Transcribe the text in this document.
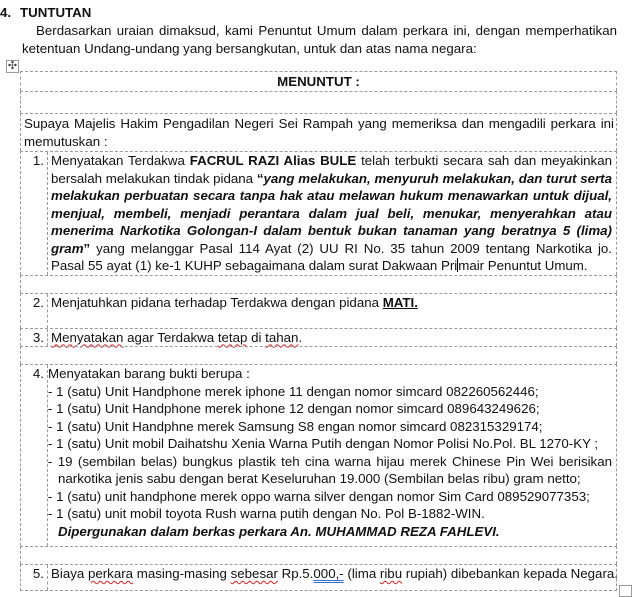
4. TUNTUTAN
Berdasarkan uraian dimaksud, kami Penuntut Umum dalam perkara ini, dengan memperhatikan ketentuan Undang-undang yang bersangkutan, untuk dan atas nama negara:
✣
MENUNTUT :
Supaya Majelis Hakim Pengadilan Negeri Sei Rampah yang memeriksa dan mengadili perkara ini memutuskan :
1. Menyatakan Terdakwa FACRUL RAZI Alias BULE telah terbukti secara sah dan meyakinkan bersalah melakukan tindak pidana “yang melakukan, menyuruh melakukan, dan turut serta melakukan perbuatan secara tanpa hak atau melawan hukum menawarkan untuk dijual, menjual, membeli, menjadi perantara dalam jual beli, menukar, menyerahkan atau menerima Narkotika Golongan-I dalam bentuk bukan tanaman yang beratnya 5 (lima) gram” yang melanggar Pasal 114 Ayat (2) UU RI No. 35 tahun 2009 tentang Narkotika jo. Pasal 55 ayat (1) ke-1 KUHP sebagaimana dalam surat Dakwaan Primair Penuntut Umum.
2. Menjatuhkan pidana terhadap Terdakwa dengan pidana MATI.
3. Menyatakan agar Terdakwa tetap di tahan.
4. Menyatakan barang bukti berupa :
- 1 (satu) Unit Handphone merek iphone 11 dengan nomor simcard 082260562446;
- 1 (satu) Unit Handphone merek iphone 12 dengan nomor simcard 089643249626;
- 1 (satu) Unit Handphne merek Samsung S8 engan nomor simcard 082315329174;
- 1 (satu) Unit mobil Daihatshu Xenia Warna Putih dengan Nomor Polisi No.Pol. BL 1270-KY ;
- 19 (sembilan belas) bungkus plastik teh cina warna hijau merek Chinese Pin Wei berisikan narkotika jenis sabu dengan berat Keseluruhan 19.000 (Sembilan belas ribu) gram netto;
- 1 (satu) unit handphone merek oppo warna silver dengan nomor Sim Card 089529077353;
- 1 (satu) unit mobil toyota Rush warna putih dengan No. Pol B-1882-WIN.
Dipergunakan dalam berkas perkara An. MUHAMMAD REZA FAHLEVI.
5. Biaya perkara masing-masing sebesar Rp.5.000,- (lima ribu rupiah) dibebankan kepada Negara.
